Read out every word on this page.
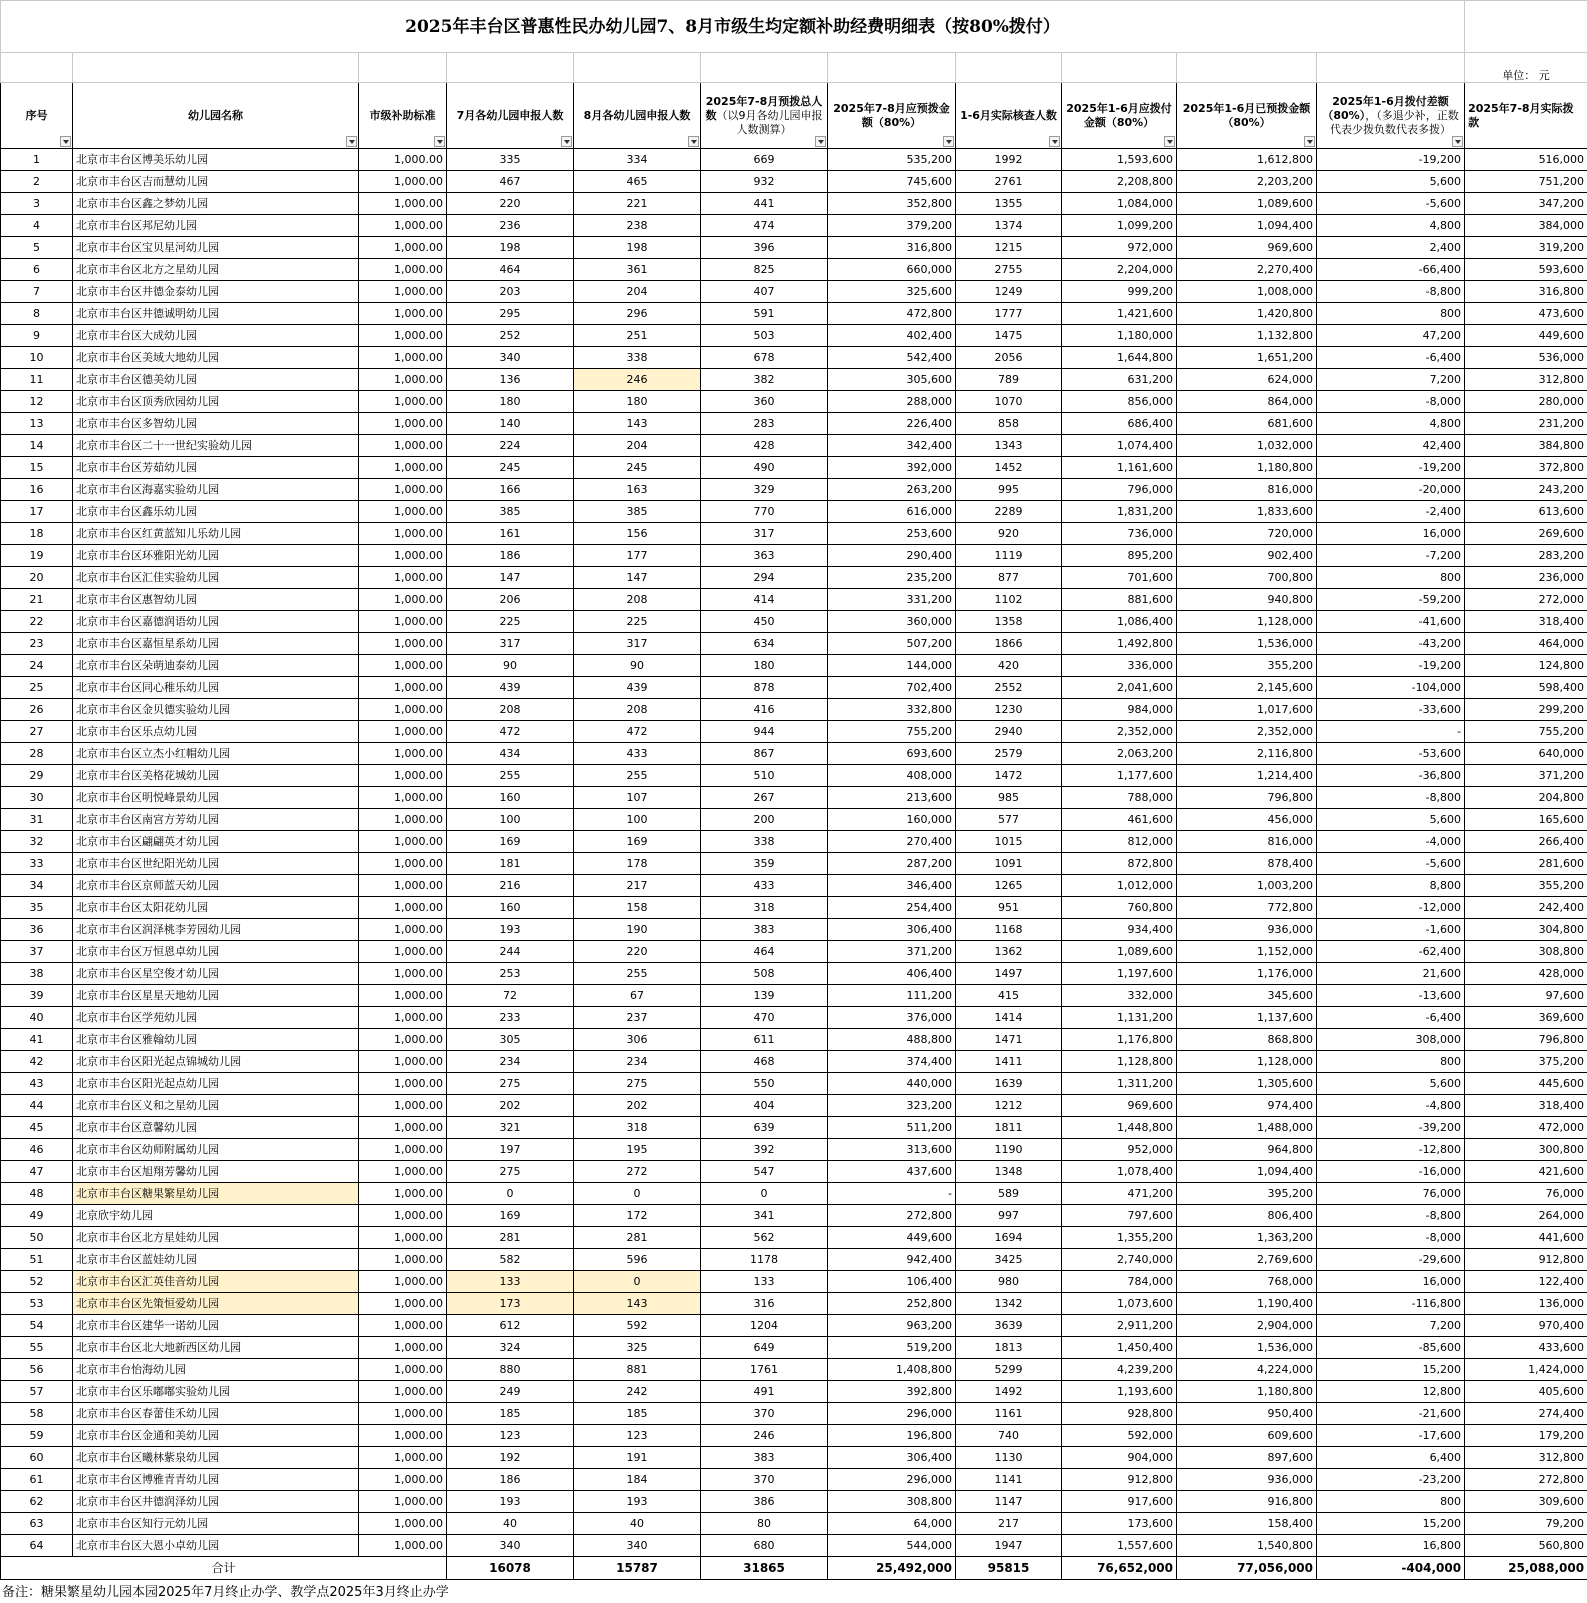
2025年丰台区普惠性民办幼儿园7、8月市级生均定额补助经费明细表（按80%拨付）											
											单位： 元
序号	幼儿园名称	市级补助标准	7月各幼儿园申报人数	8月各幼儿园申报人数	2025年7-8月预拨总人数（以9月各幼儿园申报人数测算）	2025年7-8月应预拨金额（80%）	1-6月实际核查人数	2025年1-6月应拨付金额（80%）	2025年1-6月已预拨金额（80%）	2025年1-6月拨付差额（80%），（多退少补，正数代表少拨负数代表多拨）	2025年7-8月实际拨款
1	北京市丰台区博美乐幼儿园	1,000.00	335	334	669	535,200	1992	1,593,600	1,612,800	-19,200	516,000
2	北京市丰台区吉而慧幼儿园	1,000.00	467	465	932	745,600	2761	2,208,800	2,203,200	5,600	751,200
3	北京市丰台区鑫之梦幼儿园	1,000.00	220	221	441	352,800	1355	1,084,000	1,089,600	-5,600	347,200
4	北京市丰台区邦尼幼儿园	1,000.00	236	238	474	379,200	1374	1,099,200	1,094,400	4,800	384,000
5	北京市丰台区宝贝星河幼儿园	1,000.00	198	198	396	316,800	1215	972,000	969,600	2,400	319,200
6	北京市丰台区北方之星幼儿园	1,000.00	464	361	825	660,000	2755	2,204,000	2,270,400	-66,400	593,600
7	北京市丰台区井德金泰幼儿园	1,000.00	203	204	407	325,600	1249	999,200	1,008,000	-8,800	316,800
8	北京市丰台区井德诚明幼儿园	1,000.00	295	296	591	472,800	1777	1,421,600	1,420,800	800	473,600
9	北京市丰台区大成幼儿园	1,000.00	252	251	503	402,400	1475	1,180,000	1,132,800	47,200	449,600
10	北京市丰台区美域大地幼儿园	1,000.00	340	338	678	542,400	2056	1,644,800	1,651,200	-6,400	536,000
11	北京市丰台区德美幼儿园	1,000.00	136	246	382	305,600	789	631,200	624,000	7,200	312,800
12	北京市丰台区顶秀欣园幼儿园	1,000.00	180	180	360	288,000	1070	856,000	864,000	-8,000	280,000
13	北京市丰台区多智幼儿园	1,000.00	140	143	283	226,400	858	686,400	681,600	4,800	231,200
14	北京市丰台区二十一世纪实验幼儿园	1,000.00	224	204	428	342,400	1343	1,074,400	1,032,000	42,400	384,800
15	北京市丰台区芳茹幼儿园	1,000.00	245	245	490	392,000	1452	1,161,600	1,180,800	-19,200	372,800
16	北京市丰台区海嘉实验幼儿园	1,000.00	166	163	329	263,200	995	796,000	816,000	-20,000	243,200
17	北京市丰台区鑫乐幼儿园	1,000.00	385	385	770	616,000	2289	1,831,200	1,833,600	-2,400	613,600
18	北京市丰台区红黄蓝知儿乐幼儿园	1,000.00	161	156	317	253,600	920	736,000	720,000	16,000	269,600
19	北京市丰台区环雅阳光幼儿园	1,000.00	186	177	363	290,400	1119	895,200	902,400	-7,200	283,200
20	北京市丰台区汇佳实验幼儿园	1,000.00	147	147	294	235,200	877	701,600	700,800	800	236,000
21	北京市丰台区惠智幼儿园	1,000.00	206	208	414	331,200	1102	881,600	940,800	-59,200	272,000
22	北京市丰台区嘉德润语幼儿园	1,000.00	225	225	450	360,000	1358	1,086,400	1,128,000	-41,600	318,400
23	北京市丰台区嘉恒星系幼儿园	1,000.00	317	317	634	507,200	1866	1,492,800	1,536,000	-43,200	464,000
24	北京市丰台区朵萌迪泰幼儿园	1,000.00	90	90	180	144,000	420	336,000	355,200	-19,200	124,800
25	北京市丰台区同心稚乐幼儿园	1,000.00	439	439	878	702,400	2552	2,041,600	2,145,600	-104,000	598,400
26	北京市丰台区金贝德实验幼儿园	1,000.00	208	208	416	332,800	1230	984,000	1,017,600	-33,600	299,200
27	北京市丰台区乐点幼儿园	1,000.00	472	472	944	755,200	2940	2,352,000	2,352,000	-	755,200
28	北京市丰台区立杰小红帽幼儿园	1,000.00	434	433	867	693,600	2579	2,063,200	2,116,800	-53,600	640,000
29	北京市丰台区美格花城幼儿园	1,000.00	255	255	510	408,000	1472	1,177,600	1,214,400	-36,800	371,200
30	北京市丰台区明悦峰景幼儿园	1,000.00	160	107	267	213,600	985	788,000	796,800	-8,800	204,800
31	北京市丰台区南宫方芳幼儿园	1,000.00	100	100	200	160,000	577	461,600	456,000	5,600	165,600
32	北京市丰台区翩翩英才幼儿园	1,000.00	169	169	338	270,400	1015	812,000	816,000	-4,000	266,400
33	北京市丰台区世纪阳光幼儿园	1,000.00	181	178	359	287,200	1091	872,800	878,400	-5,600	281,600
34	北京市丰台区京师蓝天幼儿园	1,000.00	216	217	433	346,400	1265	1,012,000	1,003,200	8,800	355,200
35	北京市丰台区太阳花幼儿园	1,000.00	160	158	318	254,400	951	760,800	772,800	-12,000	242,400
36	北京市丰台区润泽桃李芳园幼儿园	1,000.00	193	190	383	306,400	1168	934,400	936,000	-1,600	304,800
37	北京市丰台区万恒恩卓幼儿园	1,000.00	244	220	464	371,200	1362	1,089,600	1,152,000	-62,400	308,800
38	北京市丰台区星空俊才幼儿园	1,000.00	253	255	508	406,400	1497	1,197,600	1,176,000	21,600	428,000
39	北京市丰台区星星天地幼儿园	1,000.00	72	67	139	111,200	415	332,000	345,600	-13,600	97,600
40	北京市丰台区学苑幼儿园	1,000.00	233	237	470	376,000	1414	1,131,200	1,137,600	-6,400	369,600
41	北京市丰台区雅翰幼儿园	1,000.00	305	306	611	488,800	1471	1,176,800	868,800	308,000	796,800
42	北京市丰台区阳光起点锦城幼儿园	1,000.00	234	234	468	374,400	1411	1,128,800	1,128,000	800	375,200
43	北京市丰台区阳光起点幼儿园	1,000.00	275	275	550	440,000	1639	1,311,200	1,305,600	5,600	445,600
44	北京市丰台区义和之星幼儿园	1,000.00	202	202	404	323,200	1212	969,600	974,400	-4,800	318,400
45	北京市丰台区意馨幼儿园	1,000.00	321	318	639	511,200	1811	1,448,800	1,488,000	-39,200	472,000
46	北京市丰台区幼师附属幼儿园	1,000.00	197	195	392	313,600	1190	952,000	964,800	-12,800	300,800
47	北京市丰台区旭翔芳馨幼儿园	1,000.00	275	272	547	437,600	1348	1,078,400	1,094,400	-16,000	421,600
48	北京市丰台区糖果繁星幼儿园	1,000.00	0	0	0	-	589	471,200	395,200	76,000	76,000
49	北京欣宇幼儿园	1,000.00	169	172	341	272,800	997	797,600	806,400	-8,800	264,000
50	北京市丰台区北方星娃幼儿园	1,000.00	281	281	562	449,600	1694	1,355,200	1,363,200	-8,000	441,600
51	北京市丰台区蓝娃幼儿园	1,000.00	582	596	1178	942,400	3425	2,740,000	2,769,600	-29,600	912,800
52	北京市丰台区汇英佳音幼儿园	1,000.00	133	0	133	106,400	980	784,000	768,000	16,000	122,400
53	北京市丰台区先策恒爱幼儿园	1,000.00	173	143	316	252,800	1342	1,073,600	1,190,400	-116,800	136,000
54	北京市丰台区建华一诺幼儿园	1,000.00	612	592	1204	963,200	3639	2,911,200	2,904,000	7,200	970,400
55	北京市丰台区北大地新西区幼儿园	1,000.00	324	325	649	519,200	1813	1,450,400	1,536,000	-85,600	433,600
56	北京市丰台怡海幼儿园	1,000.00	880	881	1761	1,408,800	5299	4,239,200	4,224,000	15,200	1,424,000
57	北京市丰台区乐嘟嘟实验幼儿园	1,000.00	249	242	491	392,800	1492	1,193,600	1,180,800	12,800	405,600
58	北京市丰台区春蕾佳禾幼儿园	1,000.00	185	185	370	296,000	1161	928,800	950,400	-21,600	274,400
59	北京市丰台区金通和美幼儿园	1,000.00	123	123	246	196,800	740	592,000	609,600	-17,600	179,200
60	北京市丰台区曦林紫泉幼儿园	1,000.00	192	191	383	306,400	1130	904,000	897,600	6,400	312,800
61	北京市丰台区博雅青青幼儿园	1,000.00	186	184	370	296,000	1141	912,800	936,000	-23,200	272,800
62	北京市丰台区井德润泽幼儿园	1,000.00	193	193	386	308,800	1147	917,600	916,800	800	309,600
63	北京市丰台区知行元幼儿园	1,000.00	40	40	80	64,000	217	173,600	158,400	15,200	79,200
64	北京市丰台区大恩小卓幼儿园	1,000.00	340	340	680	544,000	1947	1,557,600	1,540,800	16,800	560,800
合计			16078	15787	31865	25,492,000	95815	76,652,000	77,056,000	-404,000	25,088,000
备注：糖果繁星幼儿园本园2025年7月终止办学、教学点2025年3月终止办学
